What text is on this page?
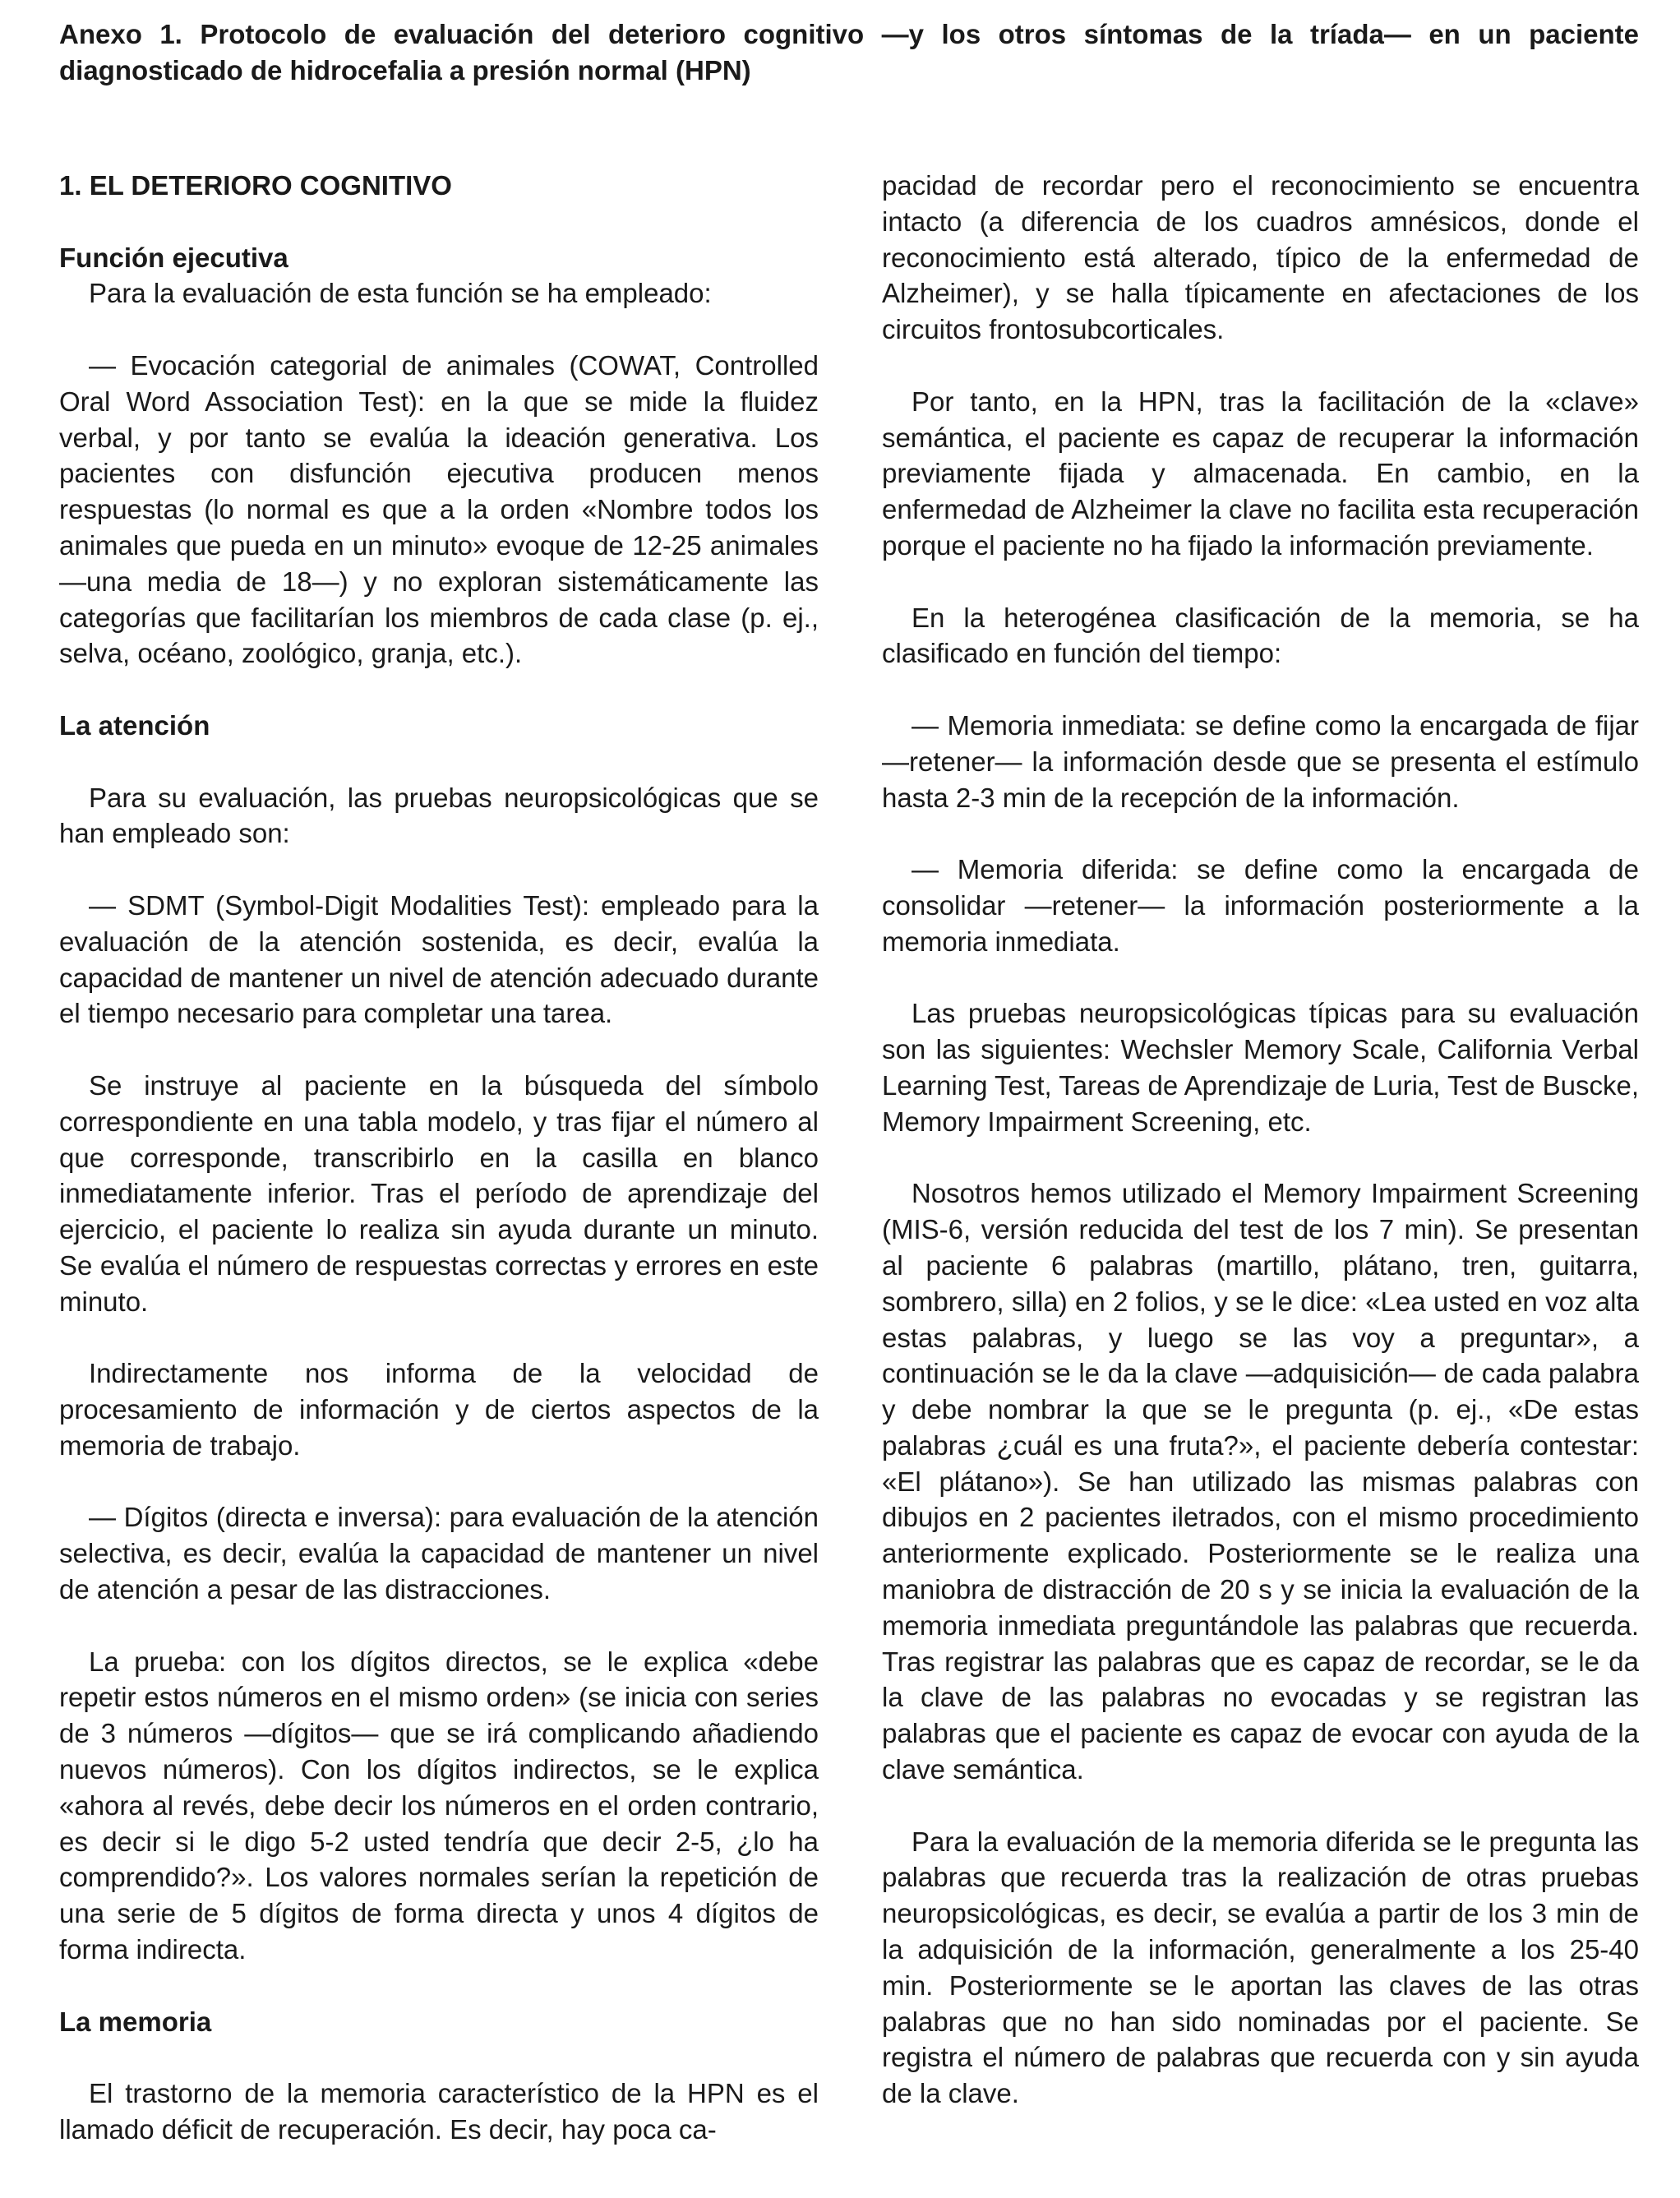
Anexo 1. Protocolo de evaluación del deterioro cognitivo —y los otros síntomas de la tríada— en un paciente diagnosticado de hidrocefalia a presión normal (HPN)
1. EL DETERIORO COGNITIVO
Función ejecutiva

Para la evaluación de esta función se ha empleado:

— Evocación categorial de animales (COWAT, Controlled Oral Word Association Test): en la que se mide la fluidez verbal, y por tanto se evalúa la ideación generativa. Los pacientes con disfunción ejecutiva producen menos respuestas (lo normal es que a la orden «Nombre todos los animales que pueda en un minuto» evoque de 12-25 animales —una media de 18—) y no exploran sistemáticamente las categorías que facilitarían los miembros de cada clase (p. ej., selva, océano, zoológico, granja, etc.).

La atención

Para su evaluación, las pruebas neuropsicológicas que se han empleado son:

— SDMT (Symbol-Digit Modalities Test): empleado para la evaluación de la atención sostenida, es decir, evalúa la capacidad de mantener un nivel de atención adecuado durante el tiempo necesario para completar una tarea.

Se instruye al paciente en la búsqueda del símbolo correspondiente en una tabla modelo, y tras fijar el número al que corresponde, transcribirlo en la casilla en blanco inmediatamente inferior. Tras el período de aprendizaje del ejercicio, el paciente lo realiza sin ayuda durante un minuto. Se evalúa el número de respuestas correctas y errores en este minuto.

Indirectamente nos informa de la velocidad de procesamiento de información y de ciertos aspectos de la memoria de trabajo.

— Dígitos (directa e inversa): para evaluación de la atención selectiva, es decir, evalúa la capacidad de mantener un nivel de atención a pesar de las distracciones.

La prueba: con los dígitos directos, se le explica «debe repetir estos números en el mismo orden» (se inicia con series de 3 números —dígitos— que se irá complicando añadiendo nuevos números). Con los dígitos indirectos, se le explica «ahora al revés, debe decir los números en el orden contrario, es decir si le digo 5-2 usted tendría que decir 2-5, ¿lo ha comprendido?». Los valores normales serían la repetición de una serie de 5 dígitos de forma directa y unos 4 dígitos de forma indirecta.

La memoria

El trastorno de la memoria característico de la HPN es el llamado déficit de recuperación. Es decir, hay poca ca-

pacidad de recordar pero el reconocimiento se encuentra intacto (a diferencia de los cuadros amnésicos, donde el reconocimiento está alterado, típico de la enfermedad de Alzheimer), y se halla típicamente en afectaciones de los circuitos frontosubcorticales.

Por tanto, en la HPN, tras la facilitación de la «clave» semántica, el paciente es capaz de recuperar la información previamente fijada y almacenada. En cambio, en la enfermedad de Alzheimer la clave no facilita esta recuperación porque el paciente no ha fijado la información previamente.

En la heterogénea clasificación de la memoria, se ha clasificado en función del tiempo:

— Memoria inmediata: se define como la encargada de fijar —retener— la información desde que se presenta el estímulo hasta 2-3 min de la recepción de la información.

— Memoria diferida: se define como la encargada de consolidar —retener— la información posteriormente a la memoria inmediata.

Las pruebas neuropsicológicas típicas para su evaluación son las siguientes: Wechsler Memory Scale, California Verbal Learning Test, Tareas de Aprendizaje de Luria, Test de Buscke, Memory Impairment Screening, etc.

Nosotros hemos utilizado el Memory Impairment Screening (MIS-6, versión reducida del test de los 7 min). Se presentan al paciente 6 palabras (martillo, plátano, tren, guitarra, sombrero, silla) en 2 folios, y se le dice: «Lea usted en voz alta estas palabras, y luego se las voy a preguntar», a continuación se le da la clave —adquisición— de cada palabra y debe nombrar la que se le pregunta (p. ej., «De estas palabras ¿cuál es una fruta?», el paciente debería contestar: «El plátano»). Se han utilizado las mismas palabras con dibujos en 2 pacientes iletrados, con el mismo procedimiento anteriormente explicado. Posteriormente se le realiza una maniobra de distracción de 20 s y se inicia la evaluación de la memoria inmediata preguntándole las palabras que recuerda. Tras registrar las palabras que es capaz de recordar, se le da la clave de las palabras no evocadas y se registran las palabras que el paciente es capaz de evocar con ayuda de la clave semántica.

Para la evaluación de la memoria diferida se le pregunta las palabras que recuerda tras la realización de otras pruebas neuropsicológicas, es decir, se evalúa a partir de los 3 min de la adquisición de la información, generalmente a los 25-40 min. Posteriormente se le aportan las claves de las otras palabras que no han sido nominadas por el paciente. Se registra el número de palabras que recuerda con y sin ayuda de la clave.
